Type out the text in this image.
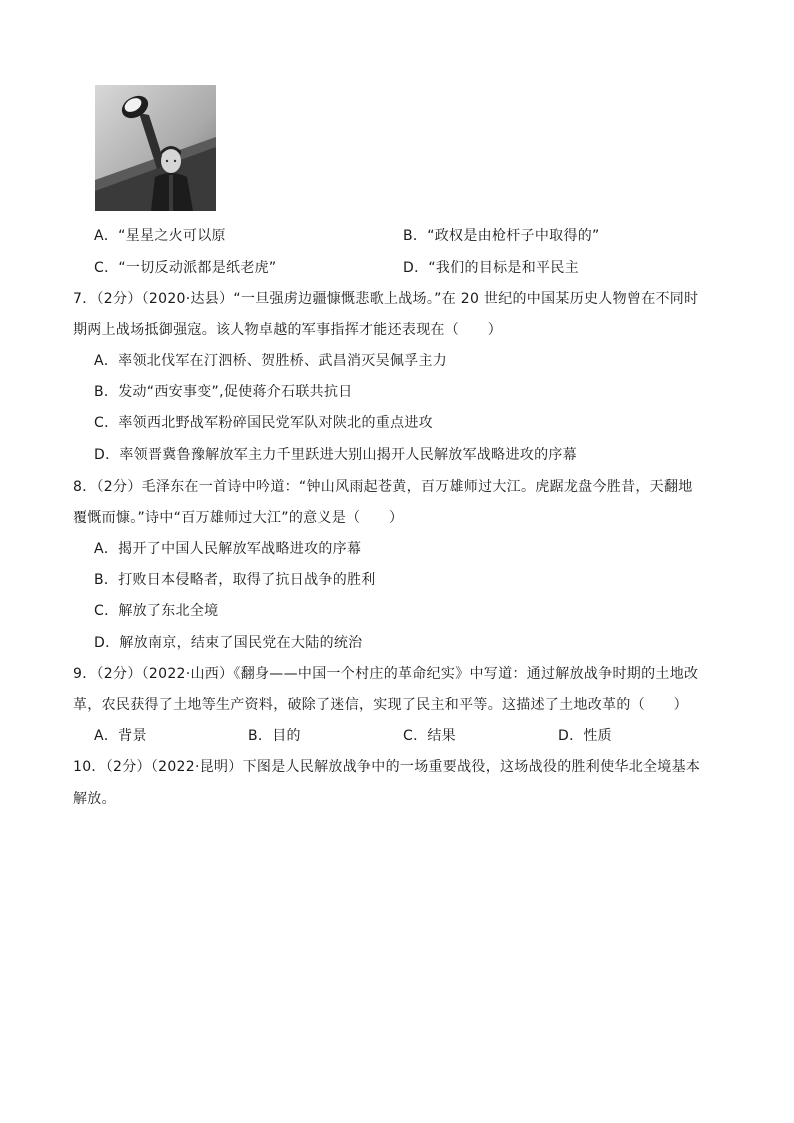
A．“星星之火可以原	B．“政权是由枪杆子中取得的”
C．“一切反动派都是纸老虎”	D．“我们的目标是和平民主
7．（2分）（2020·达县）“一旦强虏边疆慷慨悲歌上战场。”在 20 世纪的中国某历史人物曾在不同时
期两上战场抵御强寇。该人物卓越的军事指挥才能还表现在（　　）
A．率领北伐军在汀泗桥、贺胜桥、武昌消灭吴佩孚主力
B．发动“西安事变”,促使蒋介石联共抗日
C．率领西北野战军粉碎国民党军队对陕北的重点进攻
D．率领晋冀鲁豫解放军主力千里跃进大别山揭开人民解放军战略进攻的序幕
8．（2分）毛泽东在一首诗中吟道：“钟山风雨起苍黄，百万雄师过大江。虎踞龙盘今胜昔，天翻地
覆慨而慷。”诗中“百万雄师过大江”的意义是（　　）
A．揭开了中国人民解放军战略进攻的序幕
B．打败日本侵略者，取得了抗日战争的胜利
C．解放了东北全境
D．解放南京，结束了国民党在大陆的统治
9．（2分）（2022·山西）《翻身——中国一个村庄的革命纪实》中写道：通过解放战争时期的土地改
革，农民获得了土地等生产资料，破除了迷信，实现了民主和平等。这描述了土地改革的（　　）
A．背景	B．目的	C．结果	D．性质
10．（2分）（2022·昆明）下图是人民解放战争中的一场重要战役，这场战役的胜利使华北全境基本
解放。
